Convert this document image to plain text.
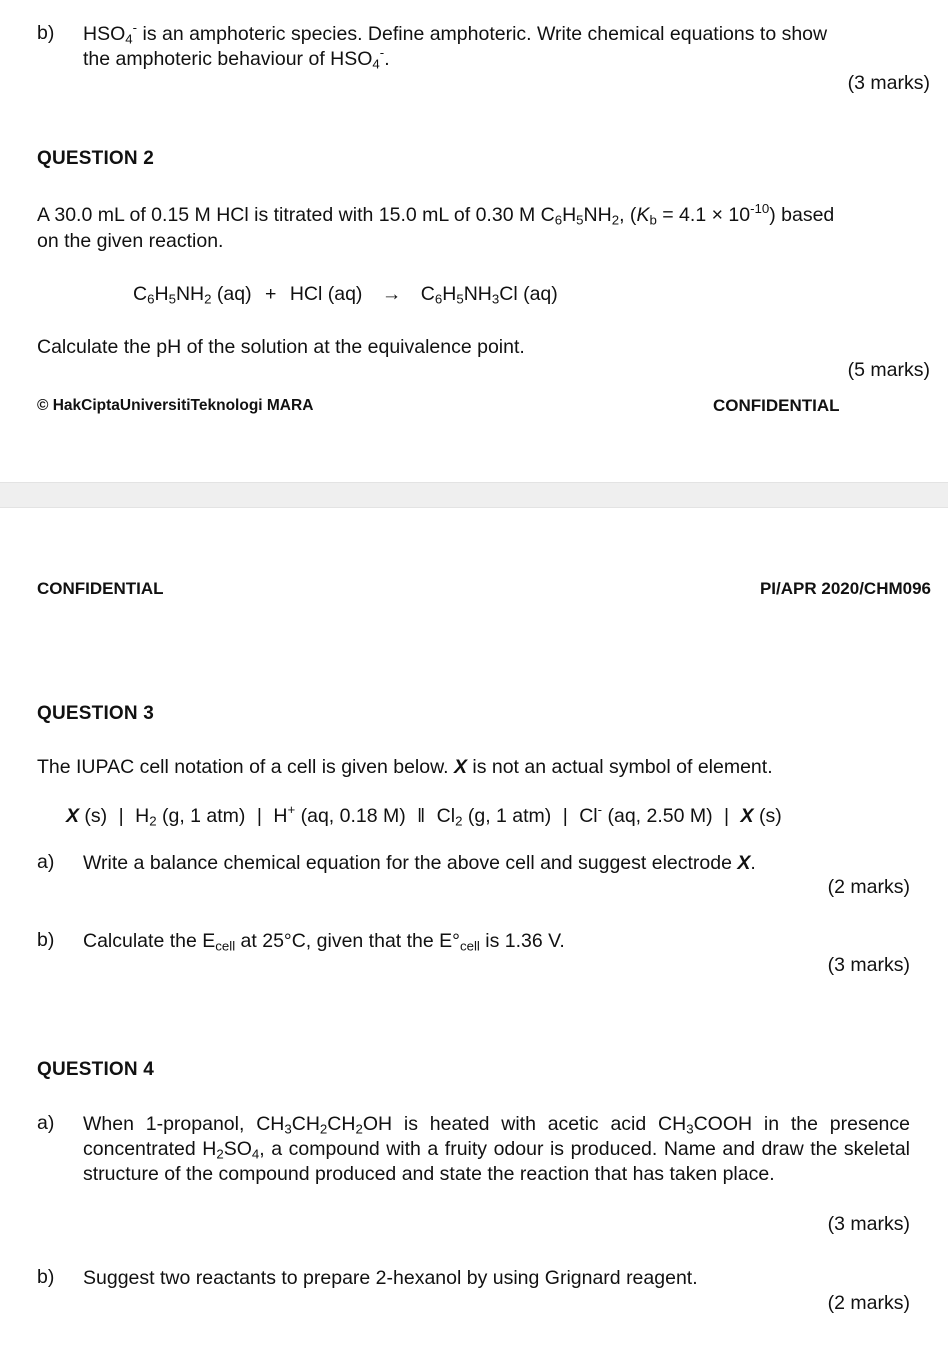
b) $HSO_4^-$ is an amphoteric species. Define amphoteric. Write chemical equations to show
the amphoteric behaviour of $HSO_4^-$.
(3 marks)
QUESTION 2
A 30.0 mL of 0.15 M HCl is titrated with 15.0 mL of 0.30 M $C_6H_5NH_2$, $(K_b = 4.1 \times 10^{-10})$ based
on the given reaction.
$C_6H_5NH_2$ (aq) + HCl $(aq) \to C_6H_5NH_3Cl$ (aq)
Calculate the pH of the solution at the equivalence point.
(5 marks)
© HakCiptaUniversitiTeknologi MARA	CONFIDENTIAL
CONFIDENTIAL	PI/APR 2020/CHM096
QUESTION 3
The IUPAC cell notation of a cell is given below. X is not an actual symbol of element.
X (s) | $H_2$ (g, 1 atm) | H+ (aq, 0.18 M) ‖ $Cl_2$ (g, 1 atm) | Cl- (aq, 2.50 M) | X (s)
a) Write a balance chemical equation for the above cell and suggest electrode X.
(2 marks)
b) Calculate the $E_{cell}$ at 25°C, given that the $E^\circ_{cell}$ is 1.36 V.
(3 marks)
QUESTION 4
a) When 1-propanol, $CH_3CH_2CH_2OH$ is heated with acetic acid $CH_3COOH$ in the presence concentrated $H_2SO_4$, a compound with a fruity odour is produced. Name and draw the skeletal structure of the compound produced and state the reaction that has taken place.
(3 marks)
b) Suggest two reactants to prepare 2-hexanol by using Grignard reagent.
(2 marks)
